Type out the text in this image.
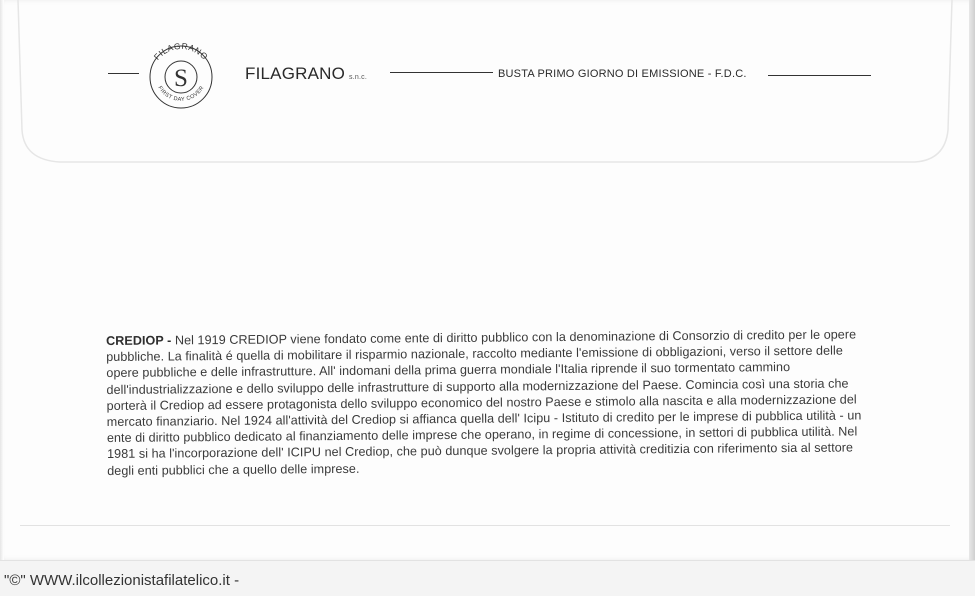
FILAGRANO
FIRST DAY COVER
S	FILAGRANO s.n.c.	BUSTA PRIMO GIORNO DI EMISSIONE - F.D.C.
CREDIOP - Nel 1919 CREDIOP viene fondato come ente di diritto pubblico con la denominazione di Consorzio di credito per le opere pubbliche. La finalità é quella di mobilitare il risparmio nazionale, raccolto mediante l'emissione di obbligazioni, verso il settore delle opere pubbliche e delle infrastrutture. All' indomani della prima guerra mondiale l'Italia riprende il suo tormentato cammino dell'industrializzazione e dello sviluppo delle infrastrutture di supporto alla modernizzazione del Paese. Comincia così una storia che porterà il Crediop ad essere protagonista dello sviluppo economico del nostro Paese e stimolo alla nascita e alla modernizzazione del mercato finanziario. Nel 1924 all'attività del Crediop si affianca quella dell' Icipu - Istituto di credito per le imprese di pubblica utilità - un ente di diritto pubblico dedicato al finanziamento delle imprese che operano, in regime di concessione, in settori di pubblica utilità. Nel 1981 si ha l'incorporazione dell' ICIPU nel Crediop, che può dunque svolgere la propria attività creditizia con riferimento sia al settore degli enti pubblici che a quello delle imprese.
"©" WWW.ilcollezionistafilatelico.it -
